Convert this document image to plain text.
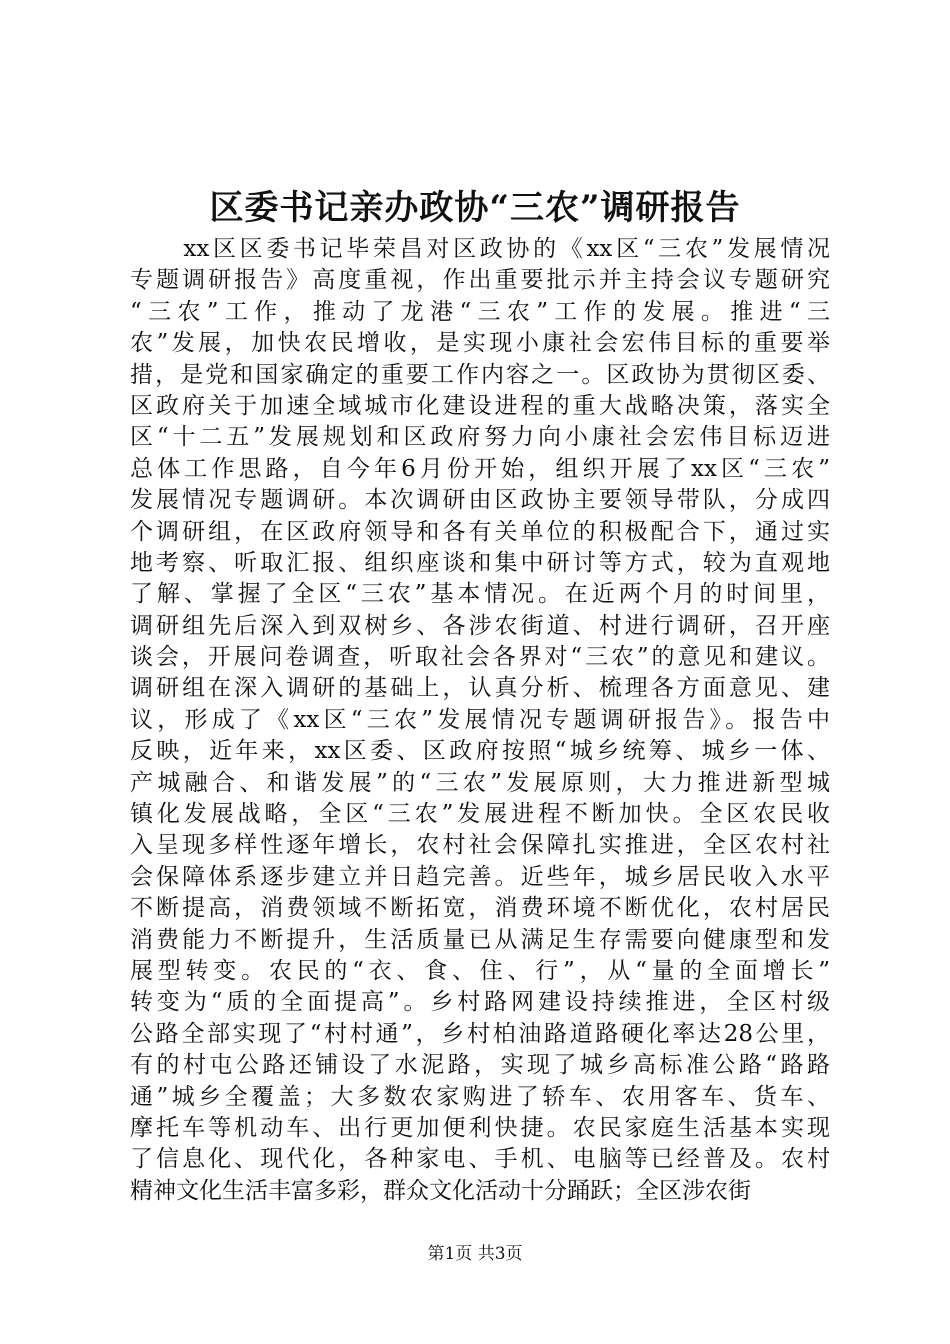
区委书记亲办政协“三农”调研报告
　　xx区区委书记毕荣昌对区政协的《xx区“三农”发展情况
专题调研报告》高度重视，作出重要批示并主持会议专题研究
“三农”工作，推动了龙港“三农”工作的发展。推进“三
农”发展，加快农民增收，是实现小康社会宏伟目标的重要举
措，是党和国家确定的重要工作内容之一。区政协为贯彻区委、
区政府关于加速全域城市化建设进程的重大战略决策，落实全
区“十二五”发展规划和区政府努力向小康社会宏伟目标迈进
总体工作思路，自今年6月份开始，组织开展了xx区“三农”
发展情况专题调研。本次调研由区政协主要领导带队，分成四
个调研组，在区政府领导和各有关单位的积极配合下，通过实
地考察、听取汇报、组织座谈和集中研讨等方式，较为直观地
了解、掌握了全区“三农”基本情况。在近两个月的时间里，
调研组先后深入到双树乡、各涉农街道、村进行调研，召开座
谈会，开展问卷调查，听取社会各界对“三农”的意见和建议。
调研组在深入调研的基础上，认真分析、梳理各方面意见、建
议，形成了《xx区“三农”发展情况专题调研报告》。报告中
反映，近年来，xx区委、区政府按照“城乡统筹、城乡一体、
产城融合、和谐发展”的“三农”发展原则，大力推进新型城
镇化发展战略，全区“三农”发展进程不断加快。全区农民收
入呈现多样性逐年增长，农村社会保障扎实推进，全区农村社
会保障体系逐步建立并日趋完善。近些年，城乡居民收入水平
不断提高，消费领域不断拓宽，消费环境不断优化，农村居民
消费能力不断提升，生活质量已从满足生存需要向健康型和发
展型转变。农民的“衣、食、住、行”，从“量的全面增长”
转变为“质的全面提高”。乡村路网建设持续推进，全区村级
公路全部实现了“村村通”，乡村柏油路道路硬化率达28公里，
有的村屯公路还铺设了水泥路，实现了城乡高标准公路“路路
通”城乡全覆盖；大多数农家购进了轿车、农用客车、货车、
摩托车等机动车、出行更加便利快捷。农民家庭生活基本实现
了信息化、现代化，各种家电、手机、电脑等已经普及。农村
精神文化生活丰富多彩，群众文化活动十分踊跃；全区涉农街
第1页 共3页
